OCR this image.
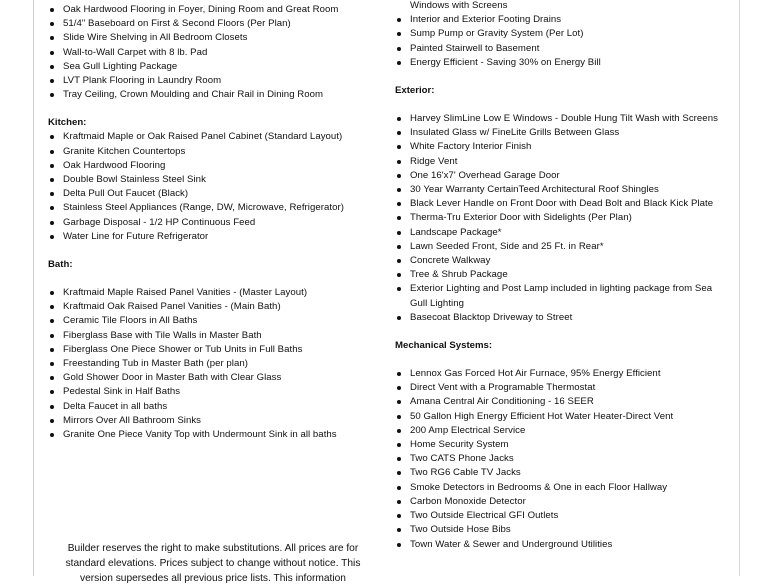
Oak Hardwood Flooring in Foyer, Dining Room and Great Room
51/4" Baseboard on First & Second Floors (Per Plan)
Slide Wire Shelving in All Bedroom Closets
Wall-to-Wall Carpet with 8 lb. Pad
Sea Gull Lighting Package
LVT Plank Flooring in Laundry Room
Tray Ceiling, Crown Moulding and Chair Rail in Dining Room

Kitchen:

Kraftmaid Maple or Oak Raised Panel Cabinet (Standard Layout)
Granite Kitchen Countertops
Oak Hardwood Flooring
Double Bowl Stainless Steel Sink
Delta Pull Out Faucet (Black)
Stainless Steel Appliances (Range, DW, Microwave, Refrigerator)
Garbage Disposal - 1/2 HP Continuous Feed
Water Line for Future Refrigerator

Bath:

Kraftmaid Maple Raised Panel Vanities - (Master Layout)
Kraftmaid Oak Raised Panel Vanities - (Main Bath)
Ceramic Tile Floors in All Baths
Fiberglass Base with Tile Walls in Master Bath
Fiberglass One Piece Shower or Tub Units in Full Baths
Freestanding Tub in Master Bath (per plan)
Gold Shower Door in Master Bath with Clear Glass
Pedestal Sink in Half Baths
Delta Faucet in all baths
Mirrors Over All Bathroom Sinks
Granite One Piece Vanity Top with Undermount Sink in all baths
Windows with Screens
Interior and Exterior Footing Drains
Sump Pump or Gravity System (Per Lot)
Painted Stairwell to Basement
Energy Efficient - Saving 30% on Energy Bill

Exterior:

Harvey SlimLine Low E Windows - Double Hung Tilt Wash with Screens
Insulated Glass w/ FineLite Grills Between Glass
White Factory Interior Finish
Ridge Vent
One 16'x7' Overhead Garage Door
30 Year Warranty CertainTeed Architectural Roof Shingles
Black Lever Handle on Front Door with Dead Bolt and Black Kick Plate
Therma-Tru Exterior Door with Sidelights (Per Plan)
Landscape Package*
Lawn Seeded Front, Side and 25 Ft. in Rear*
Concrete Walkway
Tree & Shrub Package
Exterior Lighting and Post Lamp included in lighting package from Sea
Gull Lighting
Basecoat Blacktop Driveway to Street

Mechanical Systems:

Lennox Gas Forced Hot Air Furnace, 95% Energy Efficient
Direct Vent with a Programable Thermostat
Amana Central Air Conditioning - 16 SEER
50 Gallon High Energy Efficient Hot Water Heater-Direct Vent
200 Amp Electrical Service
Home Security System
Two CATS Phone Jacks
Two RG6 Cable TV Jacks
Smoke Detectors in Bedrooms & One in each Floor Hallway
Carbon Monoxide Detector
Two Outside Electrical GFI Outlets
Two Outside Hose Bibs
Town Water & Sewer and Underground Utilities
Builder reserves the right to make substitutions. All prices are for
standard elevations. Prices subject to change without notice. This
version supersedes all previous price lists. This information
